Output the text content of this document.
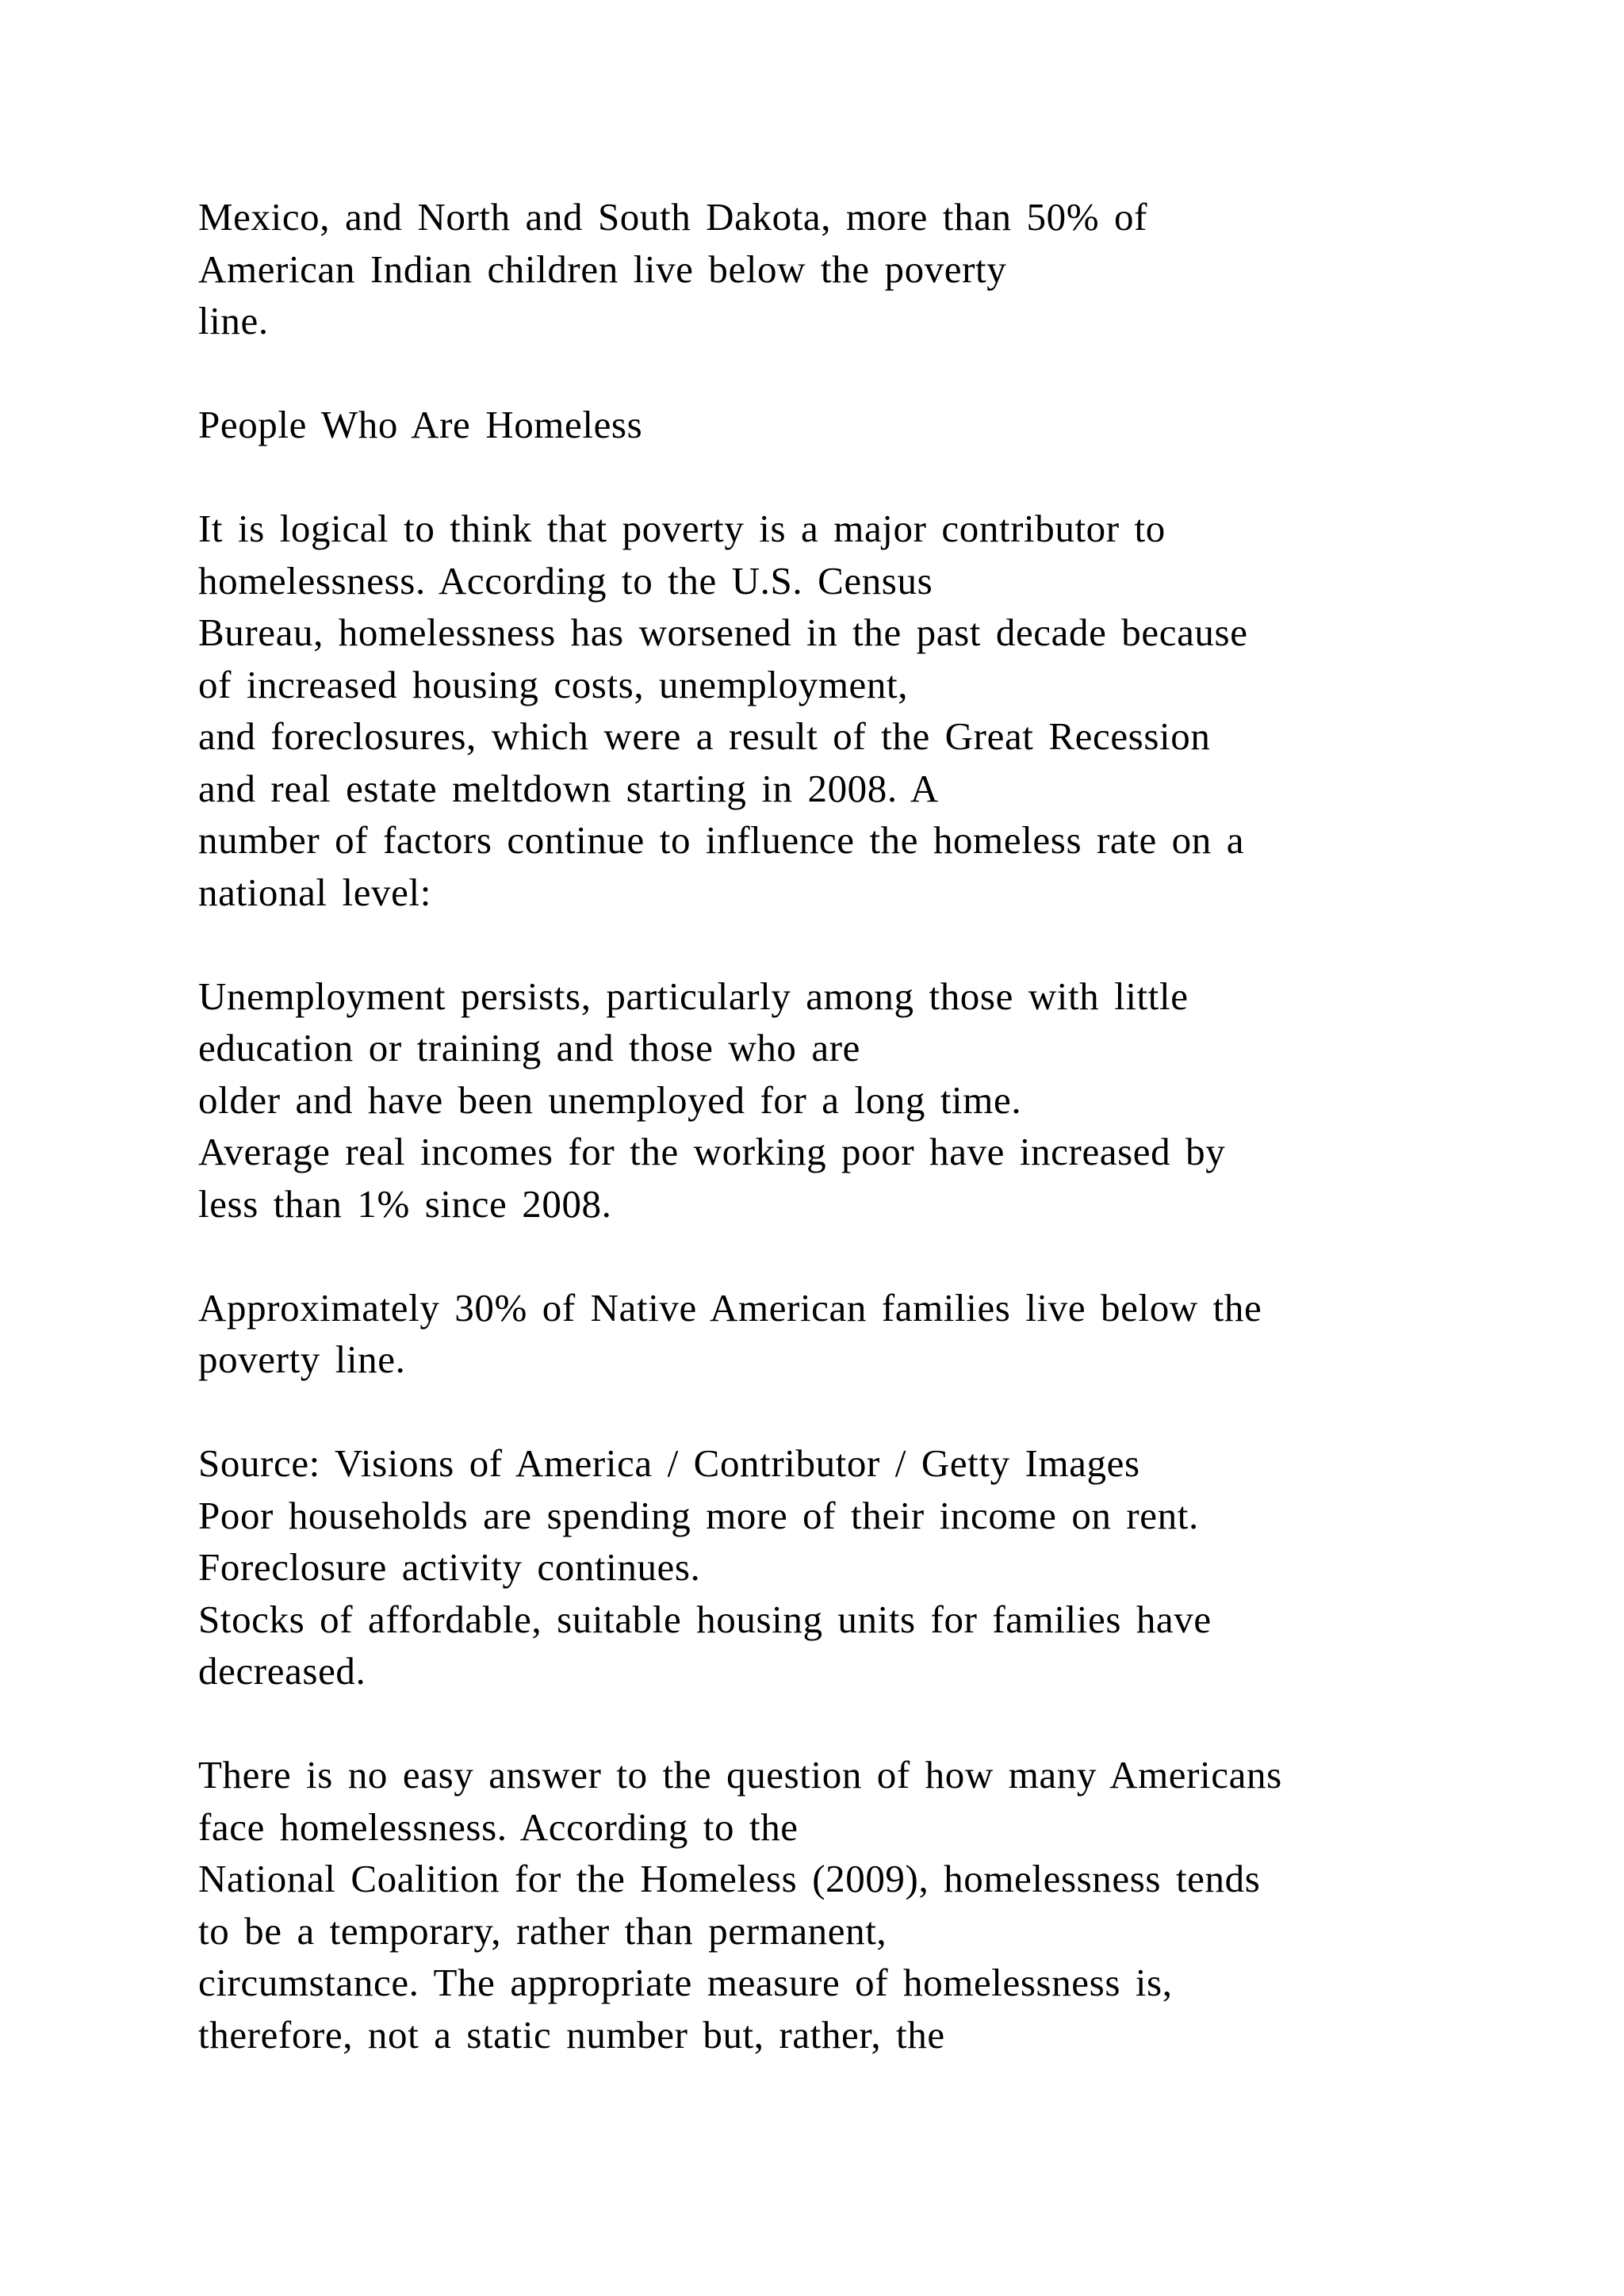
Mexico, and North and South Dakota, more than 50% of
American Indian children live below the poverty
line.
People Who Are Homeless
It is logical to think that poverty is a major contributor to
homelessness. According to the U.S. Census
Bureau, homelessness has worsened in the past decade because
of increased housing costs, unemployment,
and foreclosures, which were a result of the Great Recession
and real estate meltdown starting in 2008. A
number of factors continue to influence the homeless rate on a
national level:
Unemployment persists, particularly among those with little
education or training and those who are
older and have been unemployed for a long time.
Average real incomes for the working poor have increased by
less than 1% since 2008.
Approximately 30% of Native American families live below the
poverty line.
Source: Visions of America / Contributor / Getty Images
Poor households are spending more of their income on rent.
Foreclosure activity continues.
Stocks of affordable, suitable housing units for families have
decreased.
There is no easy answer to the question of how many Americans
face homelessness. According to the
National Coalition for the Homeless (2009), homelessness tends
to be a temporary, rather than permanent,
circumstance. The appropriate measure of homelessness is,
therefore, not a static number but, rather, the
